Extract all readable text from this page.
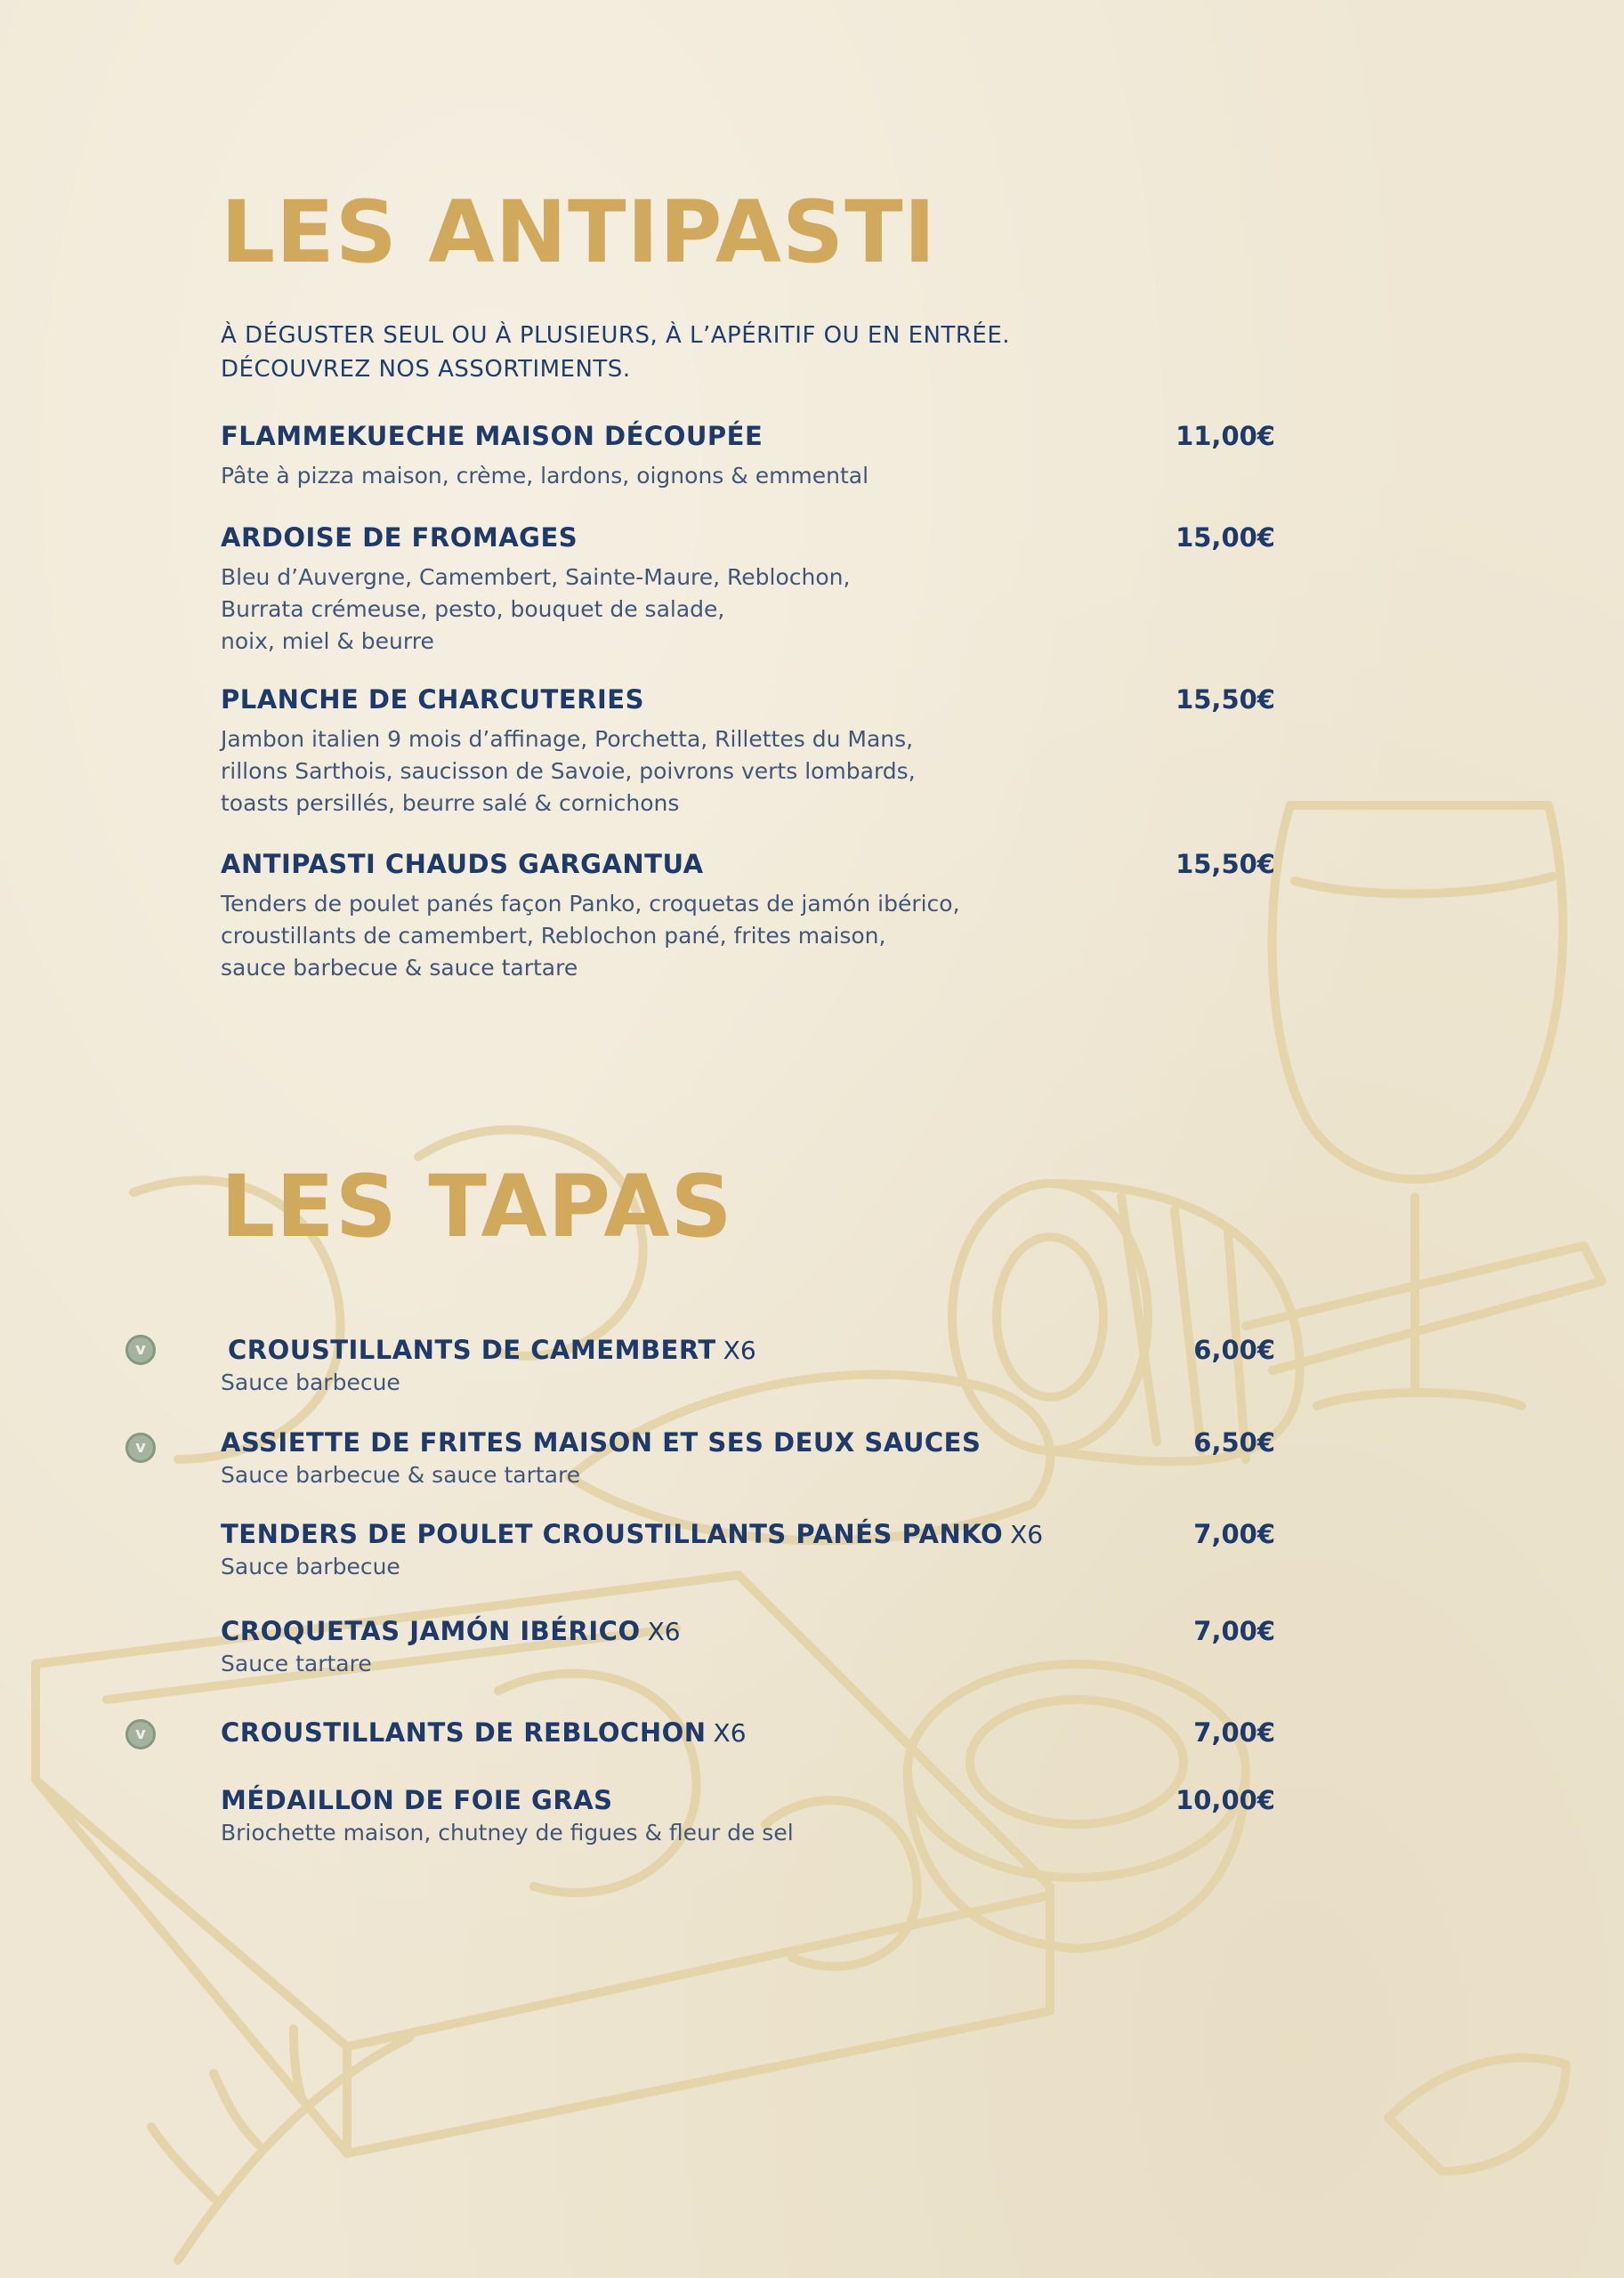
LES ANTIPASTI
À DÉGUSTER SEUL OU À PLUSIEURS, À L’APÉRITIF OU EN ENTRÉE.
DÉCOUVREZ NOS ASSORTIMENTS.
FLAMMEKUECHE MAISON DÉCOUPÉE	11,00€
Pâte à pizza maison, crème, lardons, oignons & emmental
ARDOISE DE FROMAGES	15,00€
Bleu d’Auvergne, Camembert, Sainte-Maure, Reblochon,
Burrata crémeuse, pesto, bouquet de salade,
noix, miel & beurre
PLANCHE DE CHARCUTERIES	15,50€
Jambon italien 9 mois d’affinage, Porchetta, Rillettes du Mans,
rillons Sarthois, saucisson de Savoie, poivrons verts lombards,
toasts persillés, beurre salé & cornichons
ANTIPASTI CHAUDS GARGANTUA	15,50€
Tenders de poulet panés façon Panko, croquetas de jamón ibérico,
croustillants de camembert, Reblochon pané, frites maison,
sauce barbecue & sauce tartare
LES TAPAS
v	CROUSTILLANTS DE CAMEMBERT X6	6,00€
Sauce barbecue
v	ASSIETTE DE FRITES MAISON ET SES DEUX SAUCES	6,50€
Sauce barbecue & sauce tartare
TENDERS DE POULET CROUSTILLANTS PANÉS PANKO X6	7,00€
Sauce barbecue
CROQUETAS JAMÓN IBÉRICO X6	7,00€
Sauce tartare
v	CROUSTILLANTS DE REBLOCHON X6	7,00€
MÉDAILLON DE FOIE GRAS	10,00€
Briochette maison, chutney de figues & fleur de sel
